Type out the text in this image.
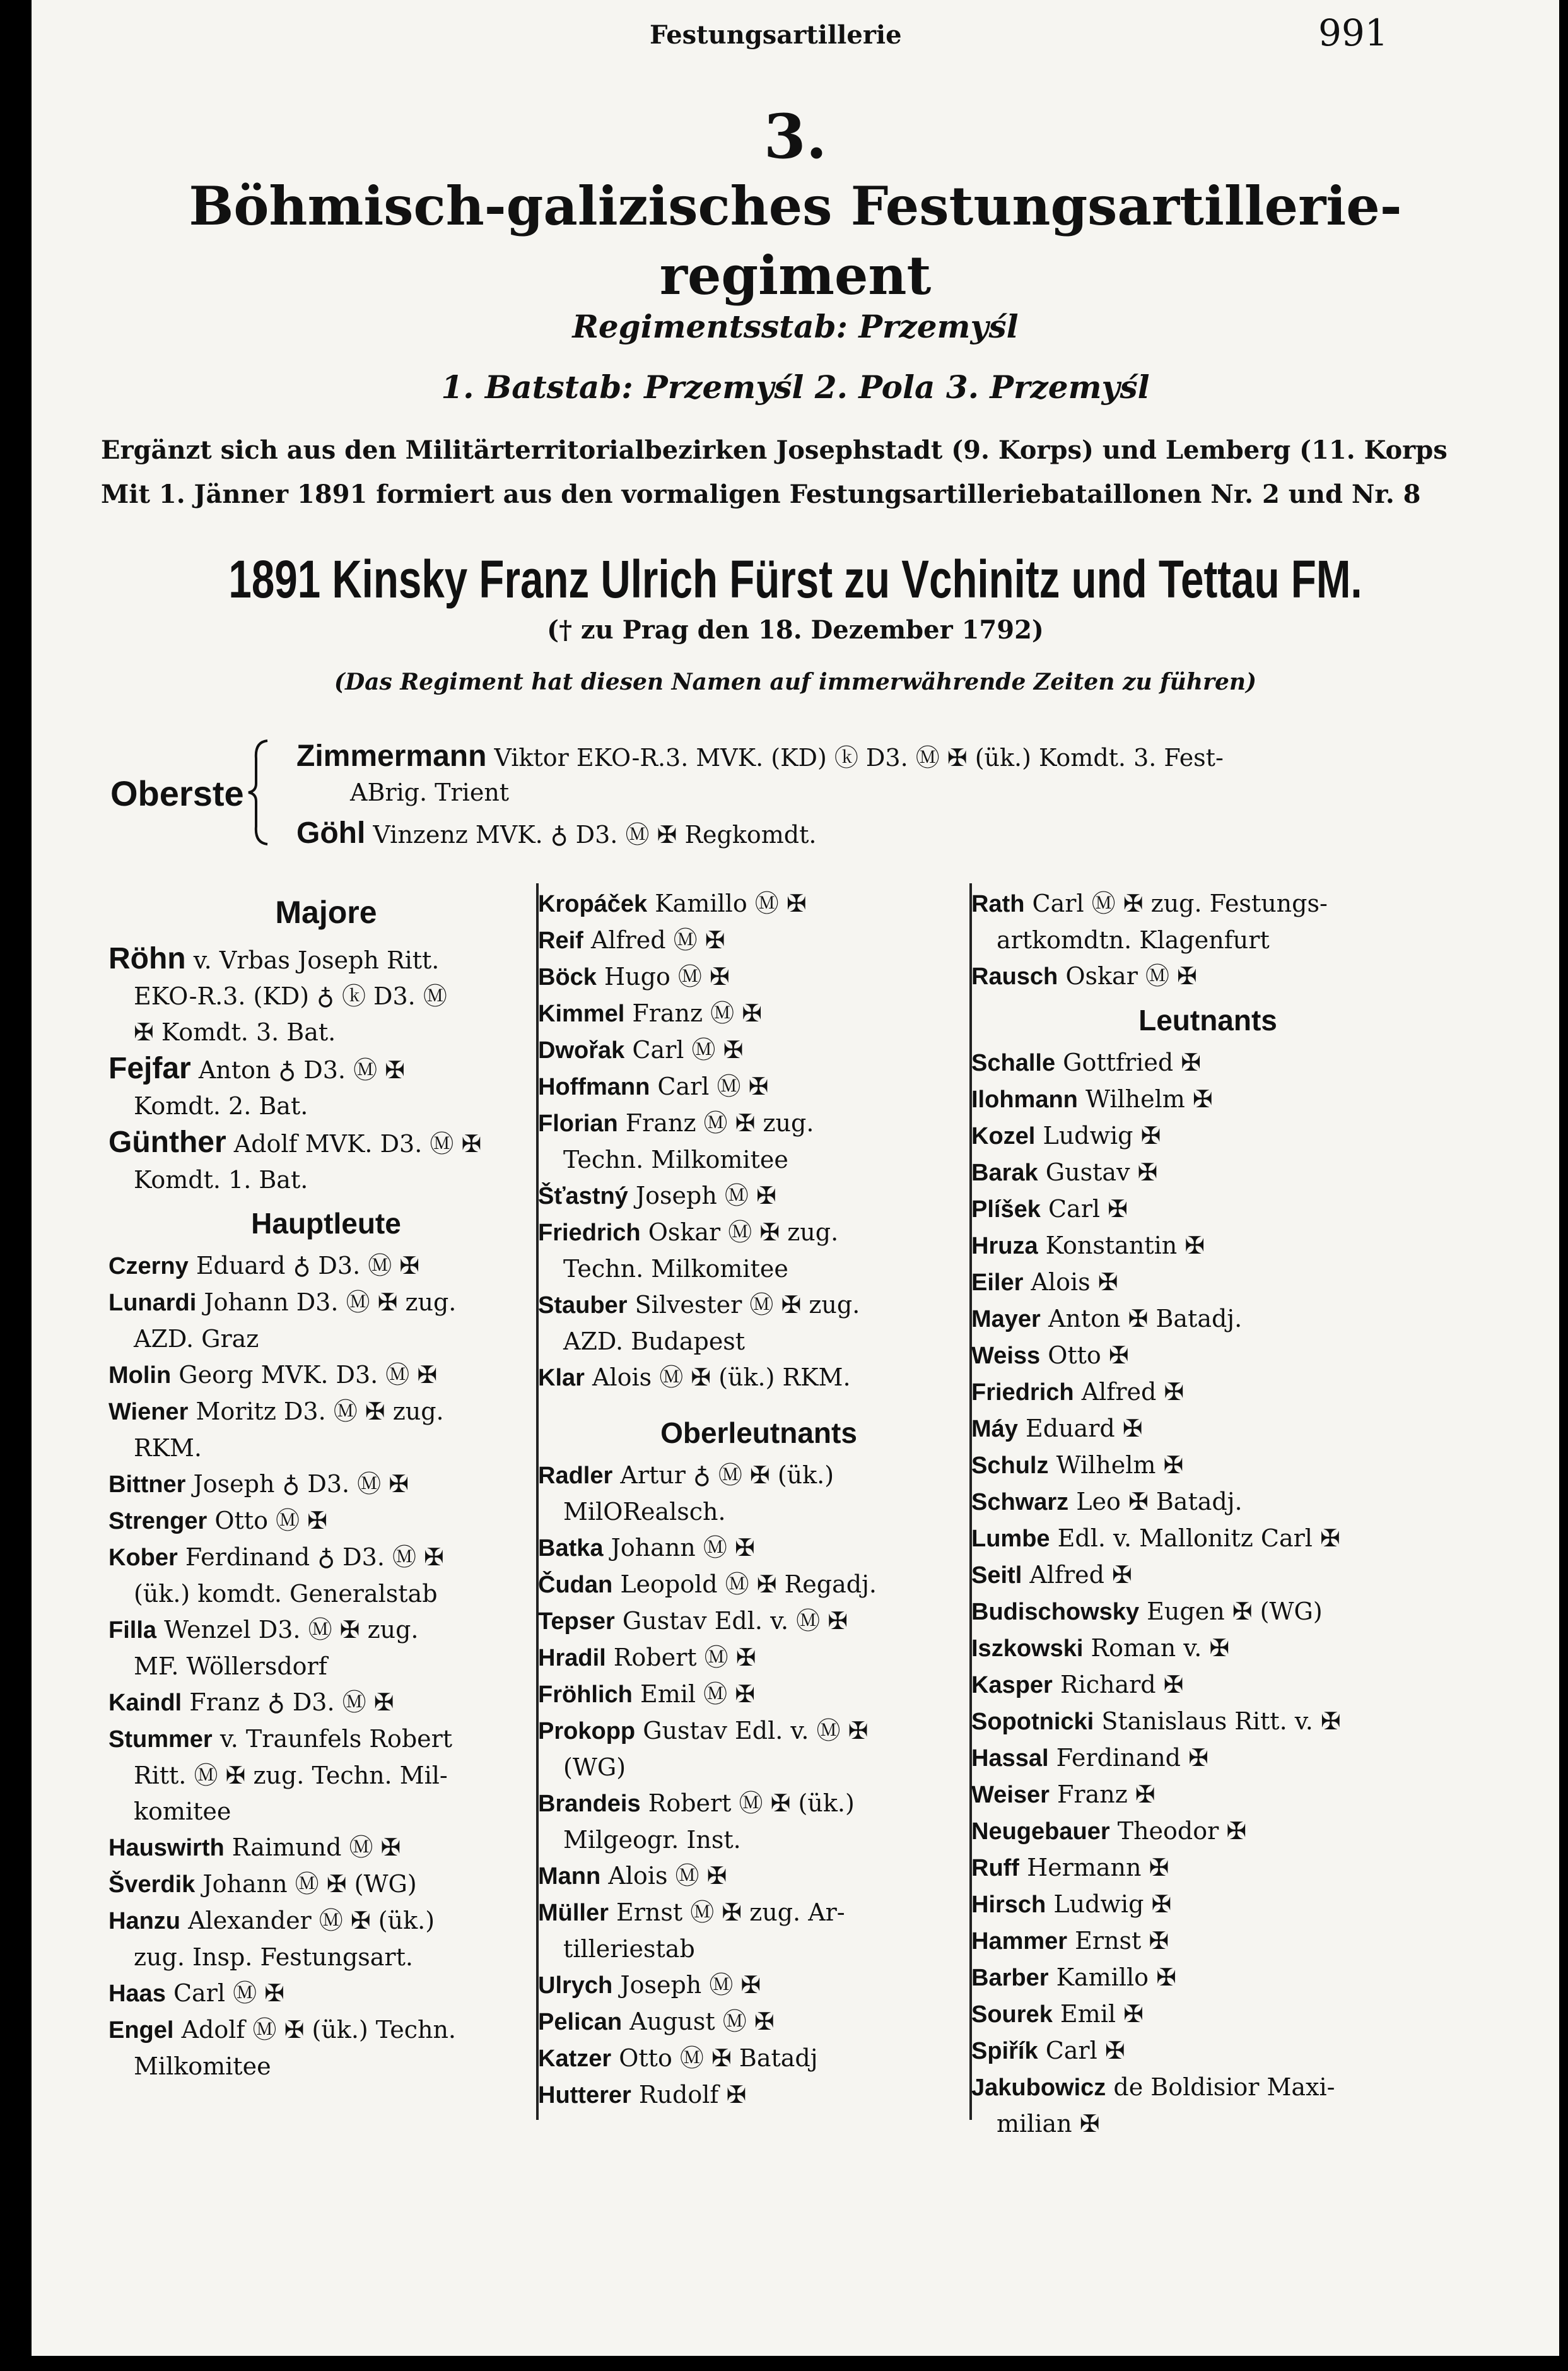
Festungsartillerie	991
3.
Böhmisch-galizisches Festungsartillerie-
regiment
Regimentsstab: Przemyśl
1. Batstab: Przemyśl 2. Pola 3. Przemyśl
Ergänzt sich aus den Militärterritorialbezirken Josephstadt (9. Korps) und Lemberg (11. Korps
Mit 1. Jänner 1891 formiert aus den vormaligen Festungsartilleriebataillonen Nr. 2 und Nr. 8
1891 Kinsky Franz Ulrich Fürst zu Vchinitz und Tettau FM.
(† zu Prag den 18. Dezember 1792)
(Das Regiment hat diesen Namen auf immerwährende Zeiten zu führen)
Oberste
Zimmermann Viktor EKO-R.3. MVK. (KD) ⓚ D3. Ⓜ ✠ (ük.) Komdt. 3. Fest-
ABrig. Trient
Göhl Vinzenz MVK. ♁ D3. Ⓜ ✠ Regkomdt.
Majore
Röhn v. Vrbas Joseph Ritt.
EKO-R.3. (KD) ♁ ⓚ D3. Ⓜ
✠ Komdt. 3. Bat.
Fejfar Anton ♁ D3. Ⓜ ✠
Komdt. 2. Bat.
Günther Adolf MVK. D3. Ⓜ ✠
Komdt. 1. Bat.
Hauptleute
Czerny Eduard ♁ D3. Ⓜ ✠
Lunardi Johann D3. Ⓜ ✠ zug.
AZD. Graz
Molin Georg MVK. D3. Ⓜ ✠
Wiener Moritz D3. Ⓜ ✠ zug.
RKM.
Bittner Joseph ♁ D3. Ⓜ ✠
Strenger Otto Ⓜ ✠
Kober Ferdinand ♁ D3. Ⓜ ✠
(ük.) komdt. Generalstab
Filla Wenzel D3. Ⓜ ✠ zug.
MF. Wöllersdorf
Kaindl Franz ♁ D3. Ⓜ ✠
Stummer v. Traunfels Robert
Ritt. Ⓜ ✠ zug. Techn. Mil-
komitee
Hauswirth Raimund Ⓜ ✠
Šverdik Johann Ⓜ ✠ (WG)
Hanzu Alexander Ⓜ ✠ (ük.)
zug. Insp. Festungsart.
Haas Carl Ⓜ ✠
Engel Adolf Ⓜ ✠ (ük.) Techn.
Milkomitee
Kropáček Kamillo Ⓜ ✠
Reif Alfred Ⓜ ✠
Böck Hugo Ⓜ ✠
Kimmel Franz Ⓜ ✠
Dwořak Carl Ⓜ ✠
Hoffmann Carl Ⓜ ✠
Florian Franz Ⓜ ✠ zug.
Techn. Milkomitee
Šťastný Joseph Ⓜ ✠
Friedrich Oskar Ⓜ ✠ zug.
Techn. Milkomitee
Stauber Silvester Ⓜ ✠ zug.
AZD. Budapest
Klar Alois Ⓜ ✠ (ük.) RKM.
Oberleutnants
Radler Artur ♁ Ⓜ ✠ (ük.)
MilORealsch.
Batka Johann Ⓜ ✠
Čudan Leopold Ⓜ ✠ Regadj.
Tepser Gustav Edl. v. Ⓜ ✠
Hradil Robert Ⓜ ✠
Fröhlich Emil Ⓜ ✠
Prokopp Gustav Edl. v. Ⓜ ✠
(WG)
Brandeis Robert Ⓜ ✠ (ük.)
Milgeogr. Inst.
Mann Alois Ⓜ ✠
Müller Ernst Ⓜ ✠ zug. Ar-
tilleriestab
Ulrych Joseph Ⓜ ✠
Pelican August Ⓜ ✠
Katzer Otto Ⓜ ✠ Batadj
Hutterer Rudolf ✠
Rath Carl Ⓜ ✠ zug. Festungs-
artkomdtn. Klagenfurt
Rausch Oskar Ⓜ ✠
Leutnants
Schalle Gottfried ✠
Ilohmann Wilhelm ✠
Kozel Ludwig ✠
Barak Gustav ✠
Plíšek Carl ✠
Hruza Konstantin ✠
Eiler Alois ✠
Mayer Anton ✠ Batadj.
Weiss Otto ✠
Friedrich Alfred ✠
Máy Eduard ✠
Schulz Wilhelm ✠
Schwarz Leo ✠ Batadj.
Lumbe Edl. v. Mallonitz Carl ✠
Seitl Alfred ✠
Budischowsky Eugen ✠ (WG)
Iszkowski Roman v. ✠
Kasper Richard ✠
Sopotnicki Stanislaus Ritt. v. ✠
Hassal Ferdinand ✠
Weiser Franz ✠
Neugebauer Theodor ✠
Ruff Hermann ✠
Hirsch Ludwig ✠
Hammer Ernst ✠
Barber Kamillo ✠
Sourek Emil ✠
Spiřík Carl ✠
Jakubowicz de Boldisior Maxi-
milian ✠
